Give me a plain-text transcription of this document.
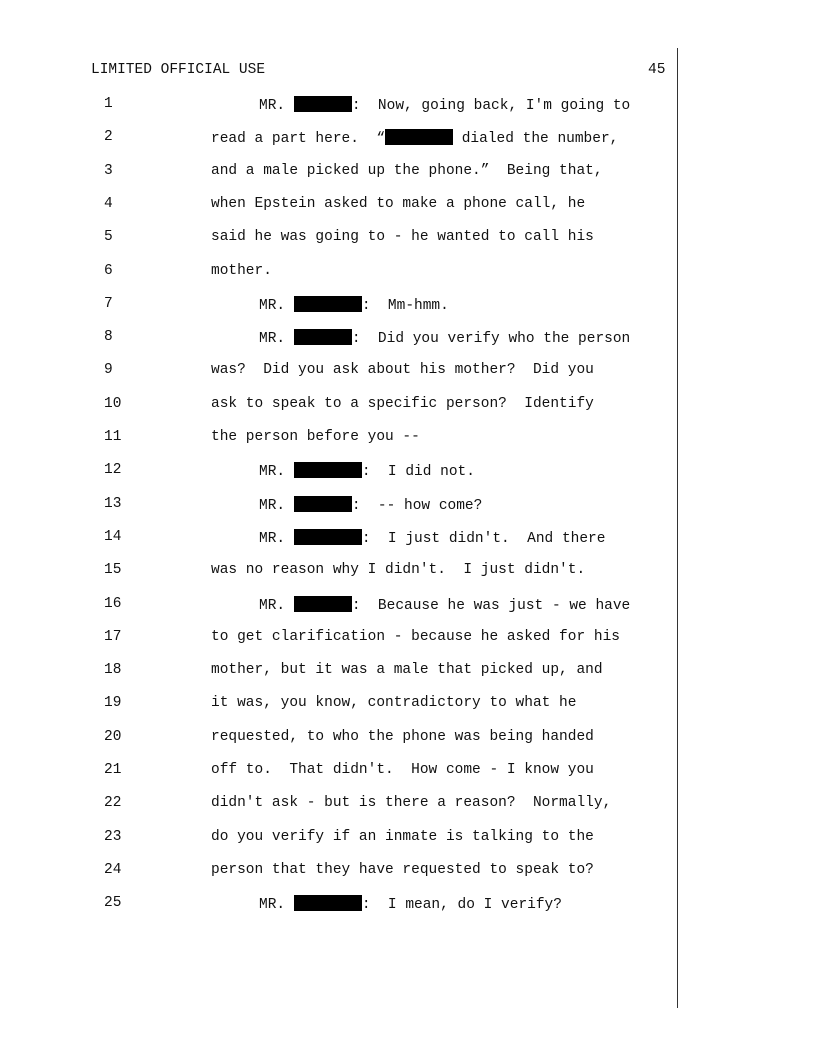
LIMITED OFFICIAL USE	45
1	MR.	:  Now, going back, I'm going to
2	read a part here.  “	dialed the number,
3	and a male picked up the phone.”  Being that,
4	when Epstein asked to make a phone call, he
5	said he was going to - he wanted to call his
6	mother.
7	MR.	:  Mm-hmm.
8	MR.	:  Did you verify who the person
9	was?  Did you ask about his mother?  Did you
10	ask to speak to a specific person?  Identify
11	the person before you --
12	MR.	:  I did not.
13	MR.	:  -- how come?
14	MR.	:  I just didn't.  And there
15	was no reason why I didn't.  I just didn't.
16	MR.	:  Because he was just - we have
17	to get clarification - because he asked for his
18	mother, but it was a male that picked up, and
19	it was, you know, contradictory to what he
20	requested, to who the phone was being handed
21	off to.  That didn't.  How come - I know you
22	didn't ask - but is there a reason?  Normally,
23	do you verify if an inmate is talking to the
24	person that they have requested to speak to?
25	MR.	:  I mean, do I verify?
